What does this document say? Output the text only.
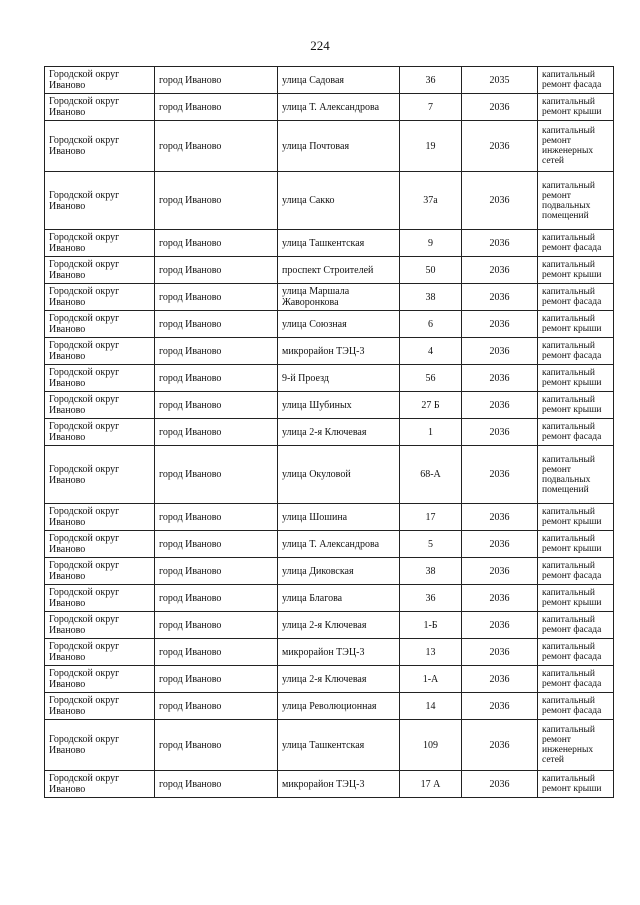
224
Городской округ Иваново	город Иваново	улица Садовая	36	2035	капитальный ремонт фасада
Городской округ Иваново	город Иваново	улица Т. Александрова	7	2036	капитальный ремонт крыши
Городской округ Иваново	город Иваново	улица Почтовая	19	2036	капитальный ремонт инженерных сетей
Городской округ Иваново	город Иваново	улица Сакко	37а	2036	капитальный ремонт подвальных помещений
Городской округ Иваново	город Иваново	улица Ташкентская	9	2036	капитальный ремонт фасада
Городской округ Иваново	город Иваново	проспект Строителей	50	2036	капитальный ремонт крыши
Городской округ Иваново	город Иваново	улица Маршала Жаворонкова	38	2036	капитальный ремонт фасада
Городской округ Иваново	город Иваново	улица Союзная	6	2036	капитальный ремонт крыши
Городской округ Иваново	город Иваново	микрорайон ТЭЦ-3	4	2036	капитальный ремонт фасада
Городской округ Иваново	город Иваново	9-й Проезд	56	2036	капитальный ремонт крыши
Городской округ Иваново	город Иваново	улица Шубиных	27 Б	2036	капитальный ремонт крыши
Городской округ Иваново	город Иваново	улица 2-я Ключевая	1	2036	капитальный ремонт фасада
Городской округ Иваново	город Иваново	улица Окуловой	68-А	2036	капитальный ремонт подвальных помещений
Городской округ Иваново	город Иваново	улица Шошина	17	2036	капитальный ремонт крыши
Городской округ Иваново	город Иваново	улица Т. Александрова	5	2036	капитальный ремонт крыши
Городской округ Иваново	город Иваново	улица Диковская	38	2036	капитальный ремонт фасада
Городской округ Иваново	город Иваново	улица Благова	36	2036	капитальный ремонт крыши
Городской округ Иваново	город Иваново	улица 2-я Ключевая	1-Б	2036	капитальный ремонт фасада
Городской округ Иваново	город Иваново	микрорайон ТЭЦ-3	13	2036	капитальный ремонт фасада
Городской округ Иваново	город Иваново	улица 2-я Ключевая	1-А	2036	капитальный ремонт фасада
Городской округ Иваново	город Иваново	улица Революционная	14	2036	капитальный ремонт фасада
Городской округ Иваново	город Иваново	улица Ташкентская	109	2036	капитальный ремонт инженерных сетей
Городской округ Иваново	город Иваново	микрорайон ТЭЦ-3	17 А	2036	капитальный ремонт крыши
